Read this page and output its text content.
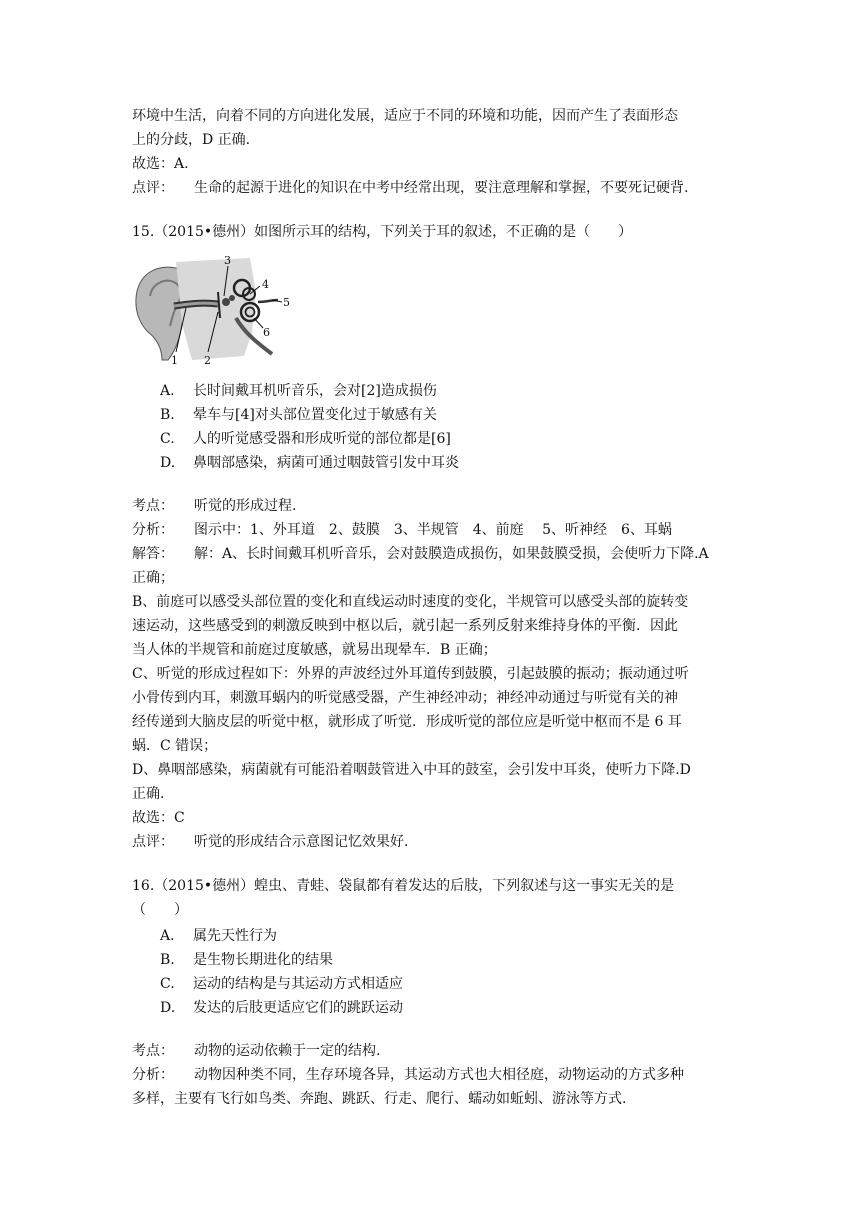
环境中生活，向着不同的方向进化发展，适应于不同的环境和功能，因而产生了表面形态
上的分歧，D 正确.
故选：A.
点评： 生命的起源于进化的知识在中考中经常出现，要注意理解和掌握，不要死记硬背.
15.（2015•德州）如图所示耳的结构，下列关于耳的叙述，不正确的是（　　）
3
4
5
6
1 2
A. 长时间戴耳机听音乐，会对[2]造成损伤
B. 晕车与[4]对头部位置变化过于敏感有关
C. 人的听觉感受器和形成听觉的部位都是[6]
D. 鼻咽部感染，病菌可通过咽鼓管引发中耳炎
考点： 听觉的形成过程.
分析： 图示中：1、外耳道　2、鼓膜　3、半规管　4、前庭　 5、听神经　6、耳蜗
解答： 解：A、长时间戴耳机听音乐，会对鼓膜造成损伤，如果鼓膜受损，会使听力下降.A
正确；
B、前庭可以感受头部位置的变化和直线运动时速度的变化，半规管可以感受头部的旋转变
速运动，这些感受到的刺激反映到中枢以后，就引起一系列反射来维持身体的平衡．因此
当人体的半规管和前庭过度敏感，就易出现晕车．B 正确；
C、听觉的形成过程如下：外界的声波经过外耳道传到鼓膜，引起鼓膜的振动；振动通过听
小骨传到内耳，刺激耳蜗内的听觉感受器，产生神经冲动；神经冲动通过与听觉有关的神
经传递到大脑皮层的听觉中枢，就形成了听觉．形成听觉的部位应是听觉中枢而不是 6 耳
蜗．C 错误；
D、鼻咽部感染，病菌就有可能沿着咽鼓管进入中耳的鼓室，会引发中耳炎，使听力下降.D
正确.
故选：C
点评： 听觉的形成结合示意图记忆效果好.
16.（2015•德州）蝗虫、青蛙、袋鼠都有着发达的后肢，下列叙述与这一事实无关的是
（　　）
A. 属先天性行为
B. 是生物长期进化的结果
C. 运动的结构是与其运动方式相适应
D. 发达的后肢更适应它们的跳跃运动
考点： 动物的运动依赖于一定的结构.
分析： 动物因种类不同，生存环境各异，其运动方式也大相径庭，动物运动的方式多种
多样，主要有飞行如鸟类、奔跑、跳跃、行走、爬行、蠕动如蚯蚓、游泳等方式.
